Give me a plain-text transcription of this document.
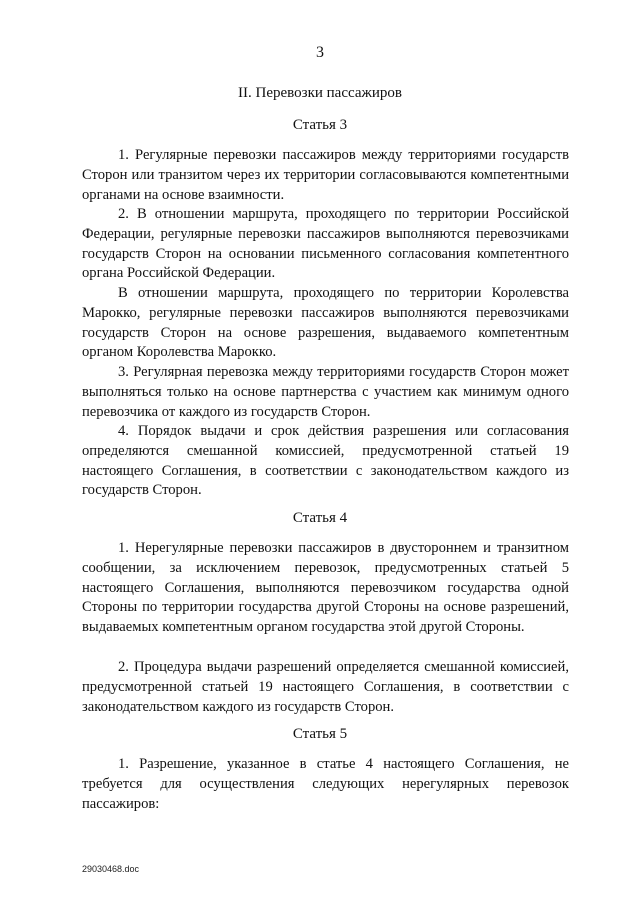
3
II. Перевозки пассажиров
Статья 3

1. Регулярные перевозки пассажиров между территориями государств Сторон или транзитом через их территории согласовываются компетентными органами на основе взаимности.

2. В отношении маршрута, проходящего по территории Российской Федерации, регулярные перевозки пассажиров выполняются перевозчиками государств Сторон на основании письменного согласования компетентного органа Российской Федерации.

В отношении маршрута, проходящего по территории Королевства Марокко, регулярные перевозки пассажиров выполняются перевозчиками государств Сторон на основе разрешения, выдаваемого компетентным органом Королевства Марокко.

3. Регулярная перевозка между территориями государств Сторон может выполняться только на основе партнерства с участием как минимум одного перевозчика от каждого из государств Сторон.

4. Порядок выдачи и срок действия разрешения или согласования определяются смешанной комиссией, предусмотренной статьей 19 настоящего Соглашения, в соответствии с законодательством каждого из государств Сторон.

Статья 4

1. Нерегулярные перевозки пассажиров в двустороннем и транзитном сообщении, за исключением перевозок, предусмотренных статьей 5 настоящего Соглашения, выполняются перевозчиком государства одной Стороны по территории государства другой Стороны на основе разрешений, выдаваемых компетентным органом государства этой другой Стороны.

2. Процедура выдачи разрешений определяется смешанной комиссией, предусмотренной статьей 19 настоящего Соглашения, в соответствии с законодательством каждого из государств Сторон.

Статья 5

1. Разрешение, указанное в статье 4 настоящего Соглашения, не требуется для осуществления следующих нерегулярных перевозок пассажиров:

29030468.doc
